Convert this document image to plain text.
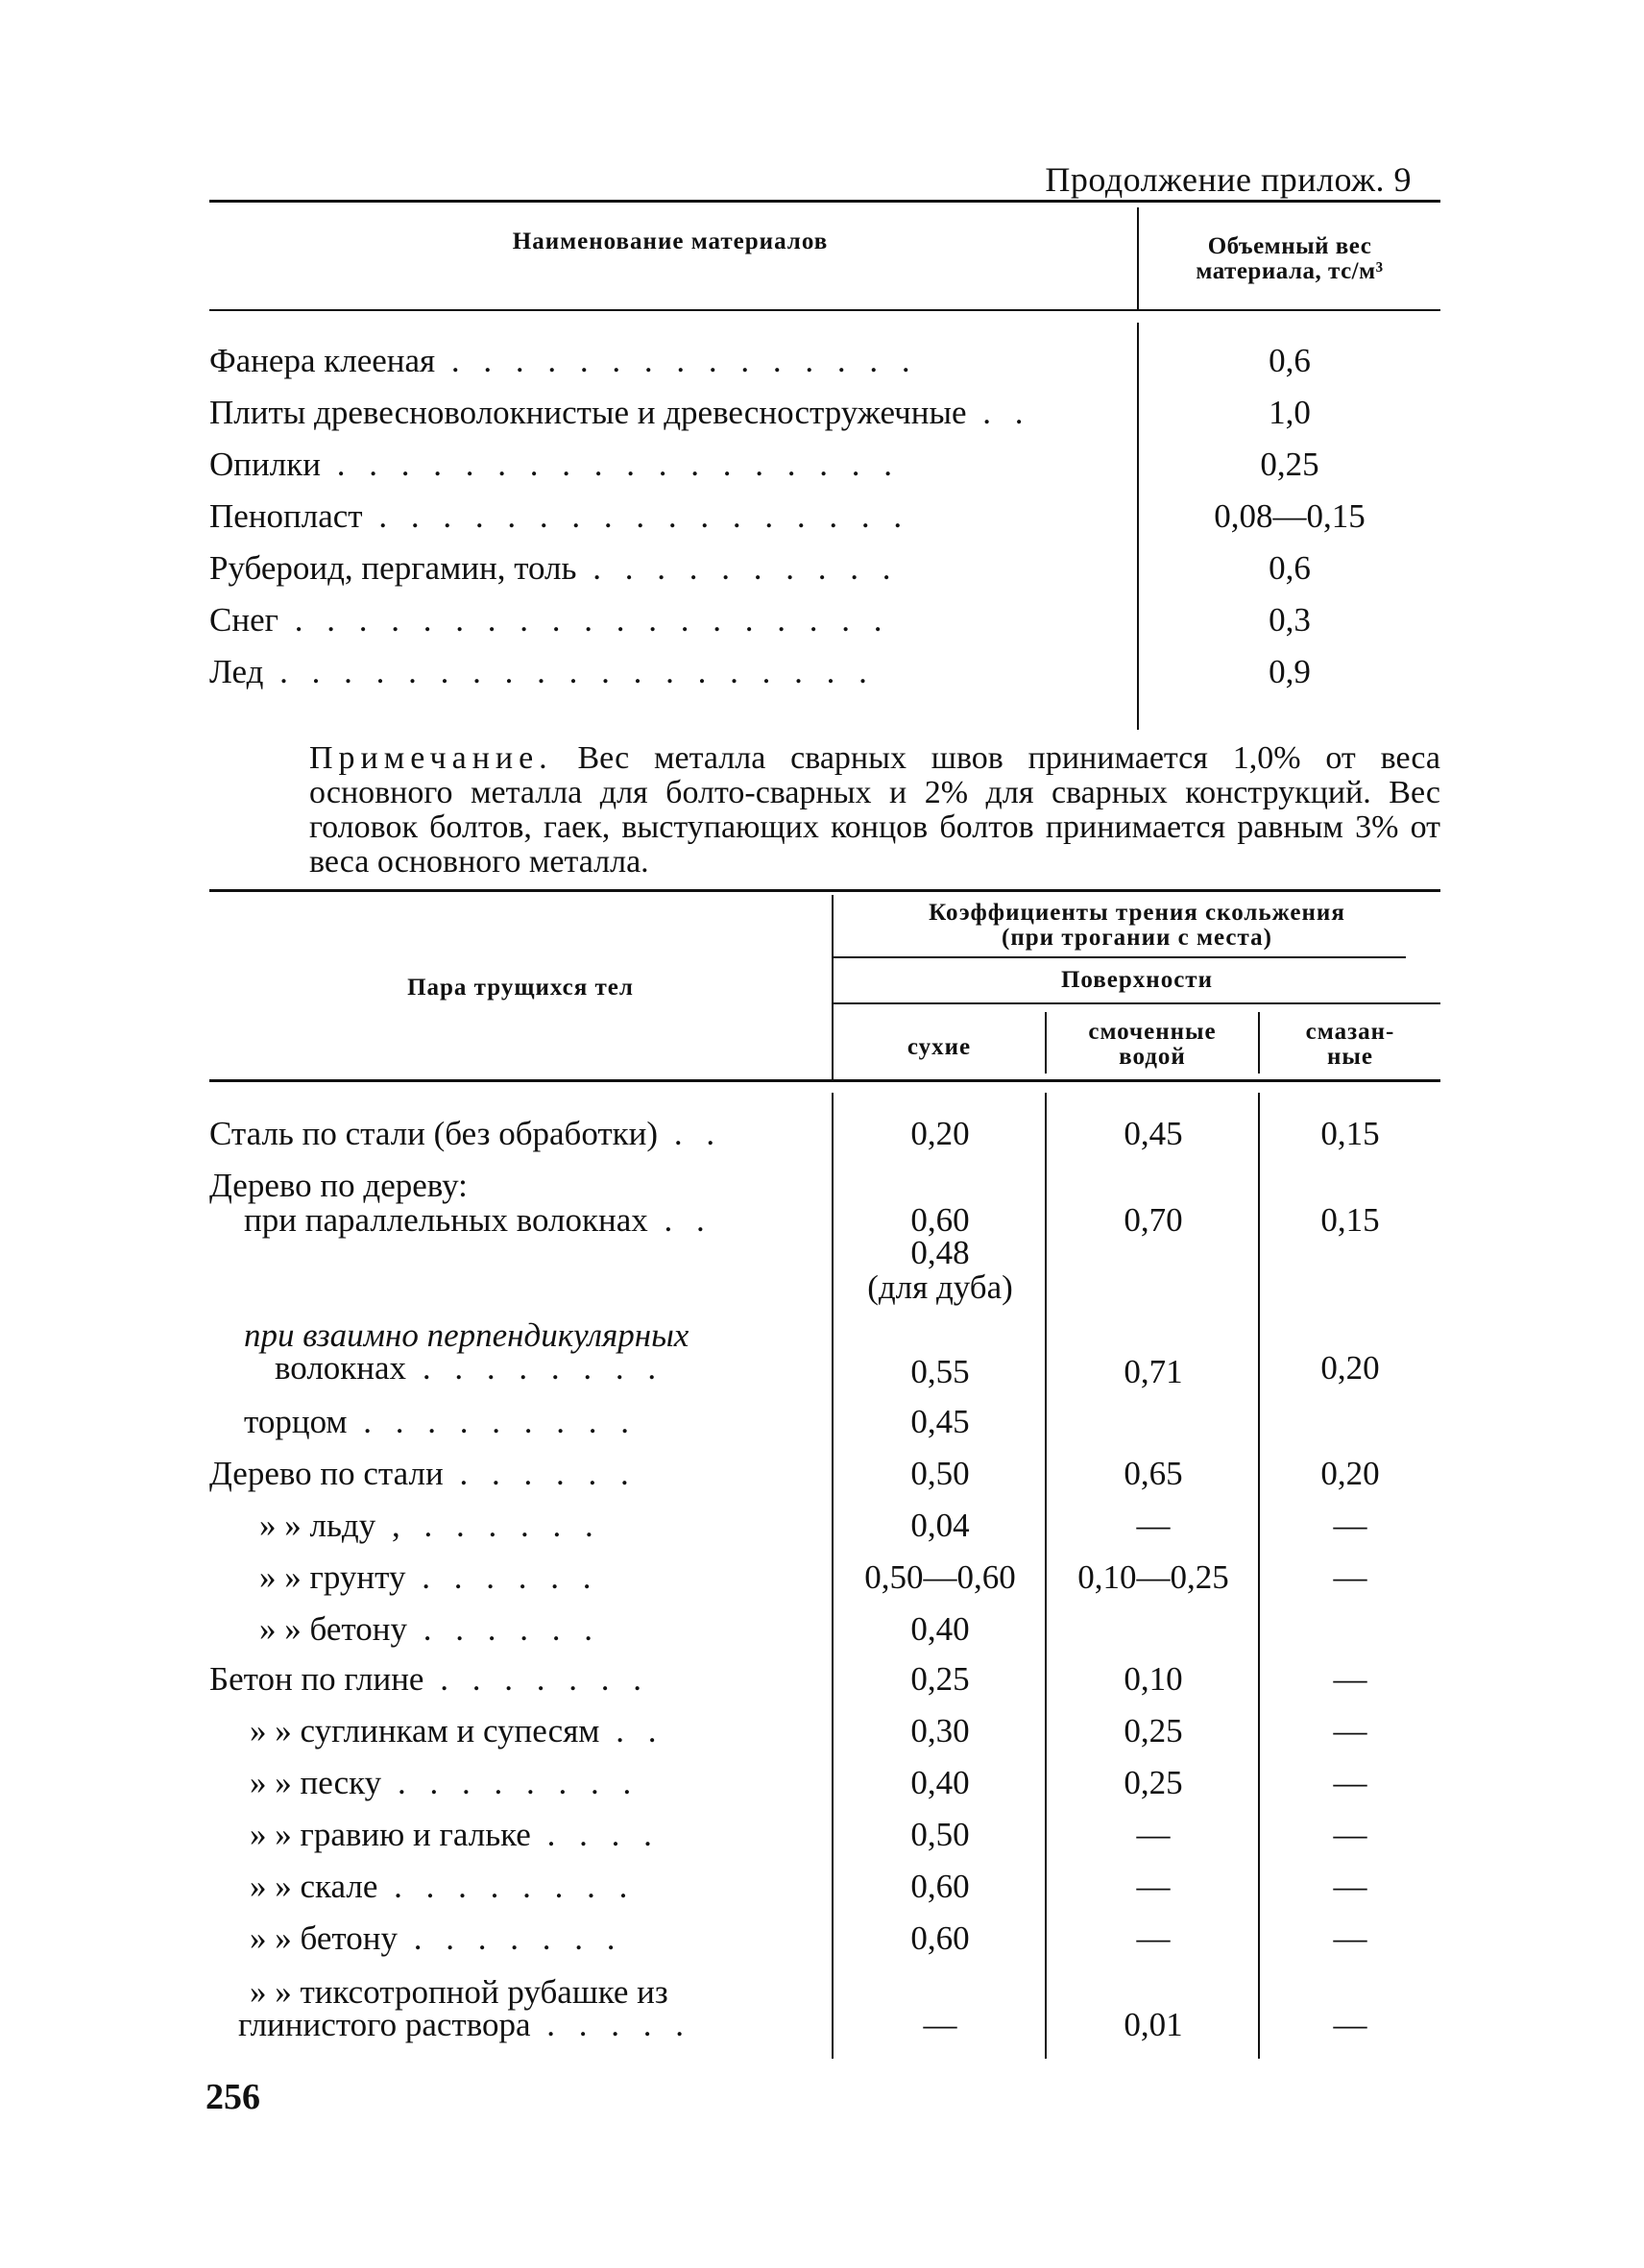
Продолжение прилож. 9
Наименование материалов	Объемный вес
материала, тс/м³
Фанера клееная . . . . . . . . . . . . . . .	0,6
Плиты древесноволокнистые и древесностружечные . .	1,0
Опилки . . . . . . . . . . . . . . . . . .	0,25
Пенопласт . . . . . . . . . . . . . . . . .	0,08—0,15
Рубероид, пергамин, толь . . . . . . . . . .	0,6
Снег . . . . . . . . . . . . . . . . . . .	0,3
Лед . . . . . . . . . . . . . . . . . . .	0,9
Примечание. Вес металла сварных швов принимается 1,0% от веса основного металла для болто-сварных и 2% для сварных конструкций. Вес головок болтов, гаек, выступающих концов болтов принимается равным 3% от веса основного металла.
Пара трущихся тел
Коэффициенты трения скольжения
(при трогании с места)
Поверхности
сухие
смоченные
водой
смазан-
ные
Сталь по стали (без обработки) . .	0,20	0,45	0,15
Дерево по дереву:
при параллельных волокнах . .	0,60	0,70	0,15
0,48
(для дуба)
при взаимно перпендикулярных
волокнах . . . . . . . .	0,55	0,71	0,20
торцом . . . . . . . . .	0,45
Дерево по стали . . . . . .	0,50	0,65	0,20
» » льду , . . . . . .	0,04	—	—
» » грунту . . . . . .	0,50—0,60	0,10—0,25	—
» » бетону . . . . . .	0,40
Бетон по глине . . . . . . .	0,25	0,10	—
» » суглинкам и супесям . .	0,30	0,25	—
» » песку . . . . . . . .	0,40	0,25	—
» » гравию и гальке . . . .	0,50	—	—
» » скале . . . . . . . .	0,60	—	—
» » бетону . . . . . . .	0,60	—	—
» » тиксотропной рубашке из
глинистого раствора . . . . .	—	0,01	—
256
